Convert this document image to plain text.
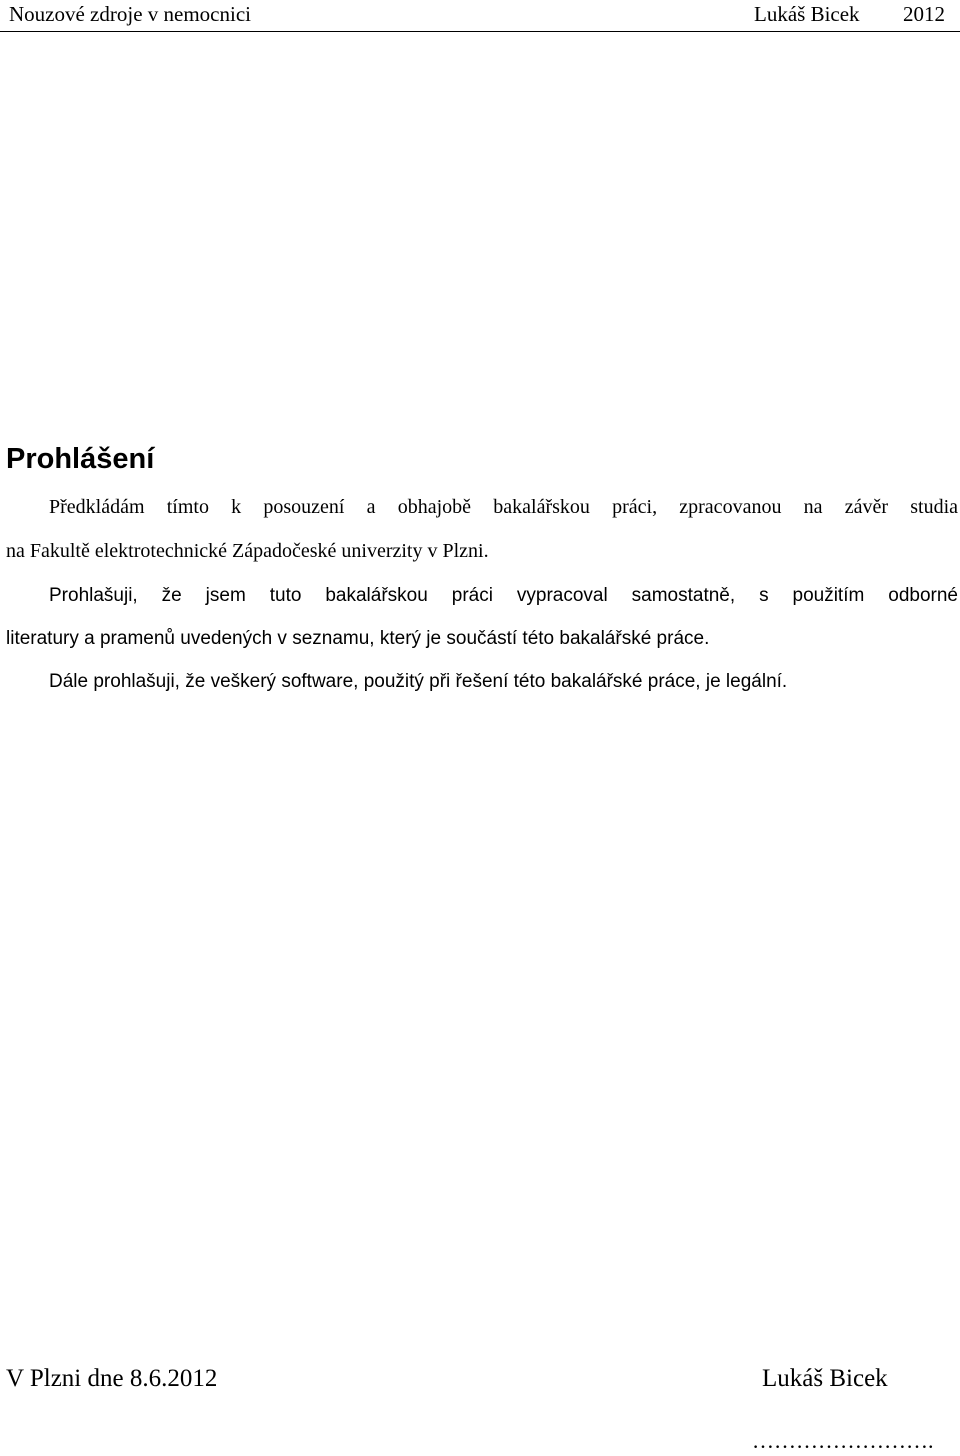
Nouzové zdroje v nemocnici	Lukáš Bicek 2012
Prohlášení

Předkládám tímto k posouzení a obhajobě bakalářskou práci, zpracovanou na závěr studia

na Fakultě elektrotechnické Západočeské univerzity v Plzni.

Prohlašuji, že jsem tuto bakalářskou práci vypracoval samostatně, s použitím odborné

literatury a pramenů uvedených v seznamu, který je součástí této bakalářské práce.

Dále prohlašuji, že veškerý software, použitý při řešení této bakalářské práce, je legální.

V Plzni dne 8.6.2012	Lukáš Bicek
…………………….
